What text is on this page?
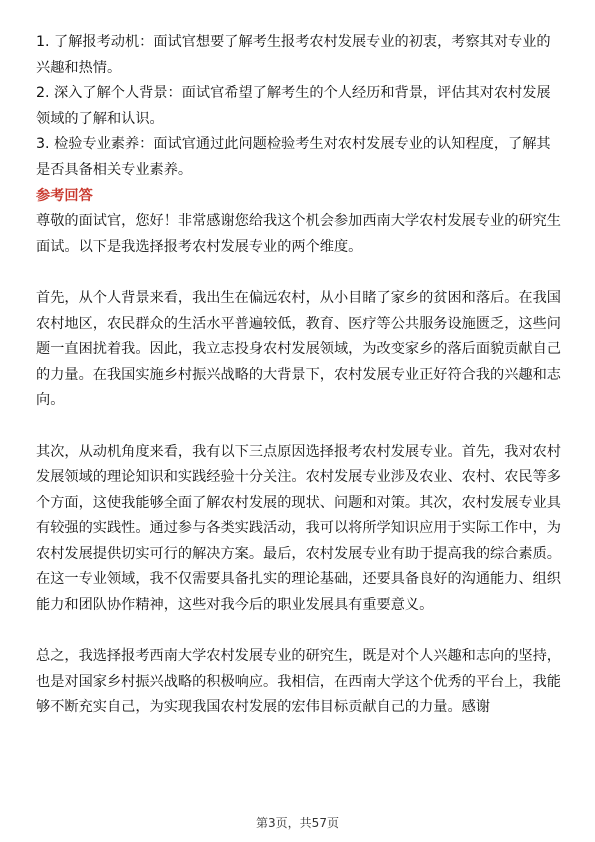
1. 了解报考动机：面试官想要了解考生报考农村发展专业的初衷，考察其对专业的兴趣和热情。

2. 深入了解个人背景：面试官希望了解考生的个人经历和背景，评估其对农村发展领域的了解和认识。

3. 检验专业素养：面试官通过此问题检验考生对农村发展专业的认知程度，了解其是否具备相关专业素养。

参考回答

尊敬的面试官，您好！非常感谢您给我这个机会参加西南大学农村发展专业的研究生面试。以下是我选择报考农村发展专业的两个维度。

首先，从个人背景来看，我出生在偏远农村，从小目睹了家乡的贫困和落后。在我国农村地区，农民群众的生活水平普遍较低，教育、医疗等公共服务设施匮乏，这些问题一直困扰着我。因此，我立志投身农村发展领域，为改变家乡的落后面貌贡献自己的力量。在我国实施乡村振兴战略的大背景下，农村发展专业正好符合我的兴趣和志向。

其次，从动机角度来看，我有以下三点原因选择报考农村发展专业。首先，我对农村发展领域的理论知识和实践经验十分关注。农村发展专业涉及农业、农村、农民等多个方面，这使我能够全面了解农村发展的现状、问题和对策。其次，农村发展专业具有较强的实践性。通过参与各类实践活动，我可以将所学知识应用于实际工作中，为农村发展提供切实可行的解决方案。最后，农村发展专业有助于提高我的综合素质。在这一专业领域，我不仅需要具备扎实的理论基础，还要具备良好的沟通能力、组织能力和团队协作精神，这些对我今后的职业发展具有重要意义。

总之，我选择报考西南大学农村发展专业的研究生，既是对个人兴趣和志向的坚持，也是对国家乡村振兴战略的积极响应。我相信，在西南大学这个优秀的平台上，我能够不断充实自己，为实现我国农村发展的宏伟目标贡献自己的力量。感谢

第3页，共57页
